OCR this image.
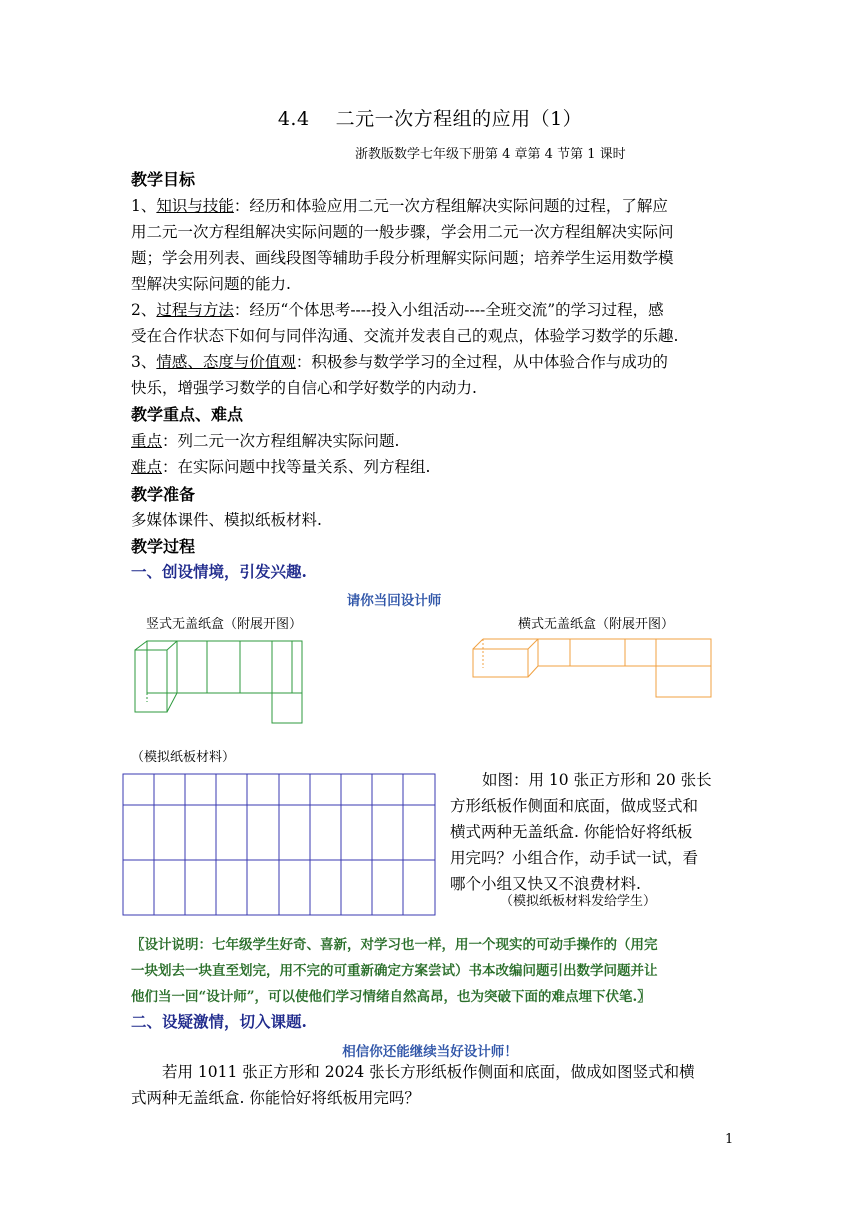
4.4　 二元一次方程组的应用（1）
浙教版数学七年级下册第 4 章第 4 节第 1 课时
教学目标
1、知识与技能：经历和体验应用二元一次方程组解决实际问题的过程，了解应
用二元一次方程组解决实际问题的一般步骤，学会用二元一次方程组解决实际问
题；学会用列表、画线段图等辅助手段分析理解实际问题；培养学生运用数学模
型解决实际问题的能力.
2、过程与方法：经历“个体思考----投入小组活动----全班交流”的学习过程，感
受在合作状态下如何与同伴沟通、交流并发表自己的观点，体验学习数学的乐趣.
3、情感、态度与价值观：积极参与数学学习的全过程，从中体验合作与成功的
快乐，增强学习数学的自信心和学好数学的内动力.
教学重点、难点
重点：列二元一次方程组解决实际问题.
难点：在实际问题中找等量关系、列方程组.
教学准备
多媒体课件、模拟纸板材料.
教学过程
一、创设情境，引发兴趣.
请你当回设计师
竖式无盖纸盒（附展开图）	横式无盖纸盒（附展开图）
（模拟纸板材料）
如图：用 10 张正方形和 20 张长
方形纸板作侧面和底面，做成竖式和
横式两种无盖纸盒. 你能恰好将纸板
用完吗？小组合作，动手试一试，看
哪个小组又快又不浪费材料.
（模拟纸板材料发给学生）
〖设计说明：七年级学生好奇、喜新，对学习也一样，用一个现实的可动手操作的（用完
一块划去一块直至划完，用不完的可重新确定方案尝试）书本改编问题引出数学问题并让
他们当一回“设计师”，可以使他们学习情绪自然高昂，也为突破下面的难点埋下伏笔.〗
二、设疑激情，切入课题.
相信你还能继续当好设计师！
若用 1011 张正方形和 2024 张长方形纸板作侧面和底面，做成如图竖式和横
式两种无盖纸盒. 你能恰好将纸板用完吗？
1
